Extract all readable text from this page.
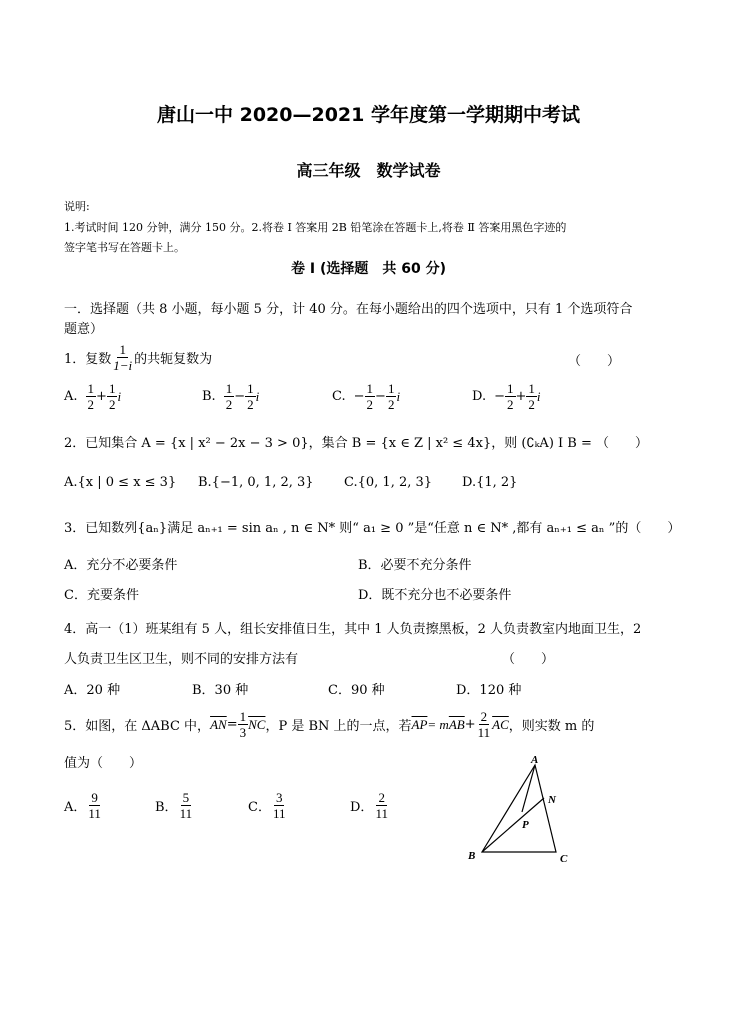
唐山一中 2020—2021 学年度第一学期期中考试
高三年级　数学试卷
说明:
1.考试时间 120 分钟，满分 150 分。2.将卷 Ⅰ 答案用 2B 铅笔涂在答题卡上,将卷 Ⅱ 答案用黑色字迹的
签字笔书写在答题卡上。
卷 Ⅰ (选择题　共 60 分)
一．选择题（共 8 小题，每小题 5 分，计 40 分。在每小题给出的四个选项中，只有 1 个选项符合
题意）
1．复数 $\frac{1}{1-i}$ 的共轭复数为	（　　）
A. $\frac{1}{2} + \frac{1}{2}$ i	B. $\frac{1}{2} - \frac{1}{2}$ i	C. − $\frac{1}{2} - \frac{1}{2}$ i	D. − $\frac{1}{2} + \frac{1}{2}$ i
2．已知集合 A = {x | x² − 2x − 3 > 0}，集合 B = {x ∈ Z | x² ≤ 4x}，则 (∁ₖA) I B = （　　）
A.{x | 0 ≤ x ≤ 3} B.{−1, 0, 1, 2, 3} C.{0, 1, 2, 3} D.{1, 2}
3．已知数列{aₙ}满足 aₙ₊₁ = sin aₙ , n ∈ N* 则“ a₁ ≥ 0 ”是“任意 n ∈ N* ,都有 aₙ₊₁ ≤ aₙ ”的（　　）
A．充分不必要条件	B．必要不充分条件
C．充要条件	D．既不充分也不必要条件
4．高一（1）班某组有 5 人，组长安排值日生，其中 1 人负责擦黑板，2 人负责教室内地面卫生，2
人负责卫生区卫生，则不同的安排方法有	（　　）
A．20 种	B．30 种	C．90 种	D．120 种
5．如图，在 ΔABC 中， $\overline{AN} = \frac{1}{3} \overline{NC}$ ，P 是 BN 上的一点，若 $\overline{AP} = m$ $\overline{AB} + \frac{2}{11} \overline{AC}$ ，则实数 m 的
值为（　　）
A． $\frac{9}{11}$	B． $\frac{5}{11}$	C． $\frac{3}{11}$	D． $\frac{2}{11}$
A
B	C
N
P
